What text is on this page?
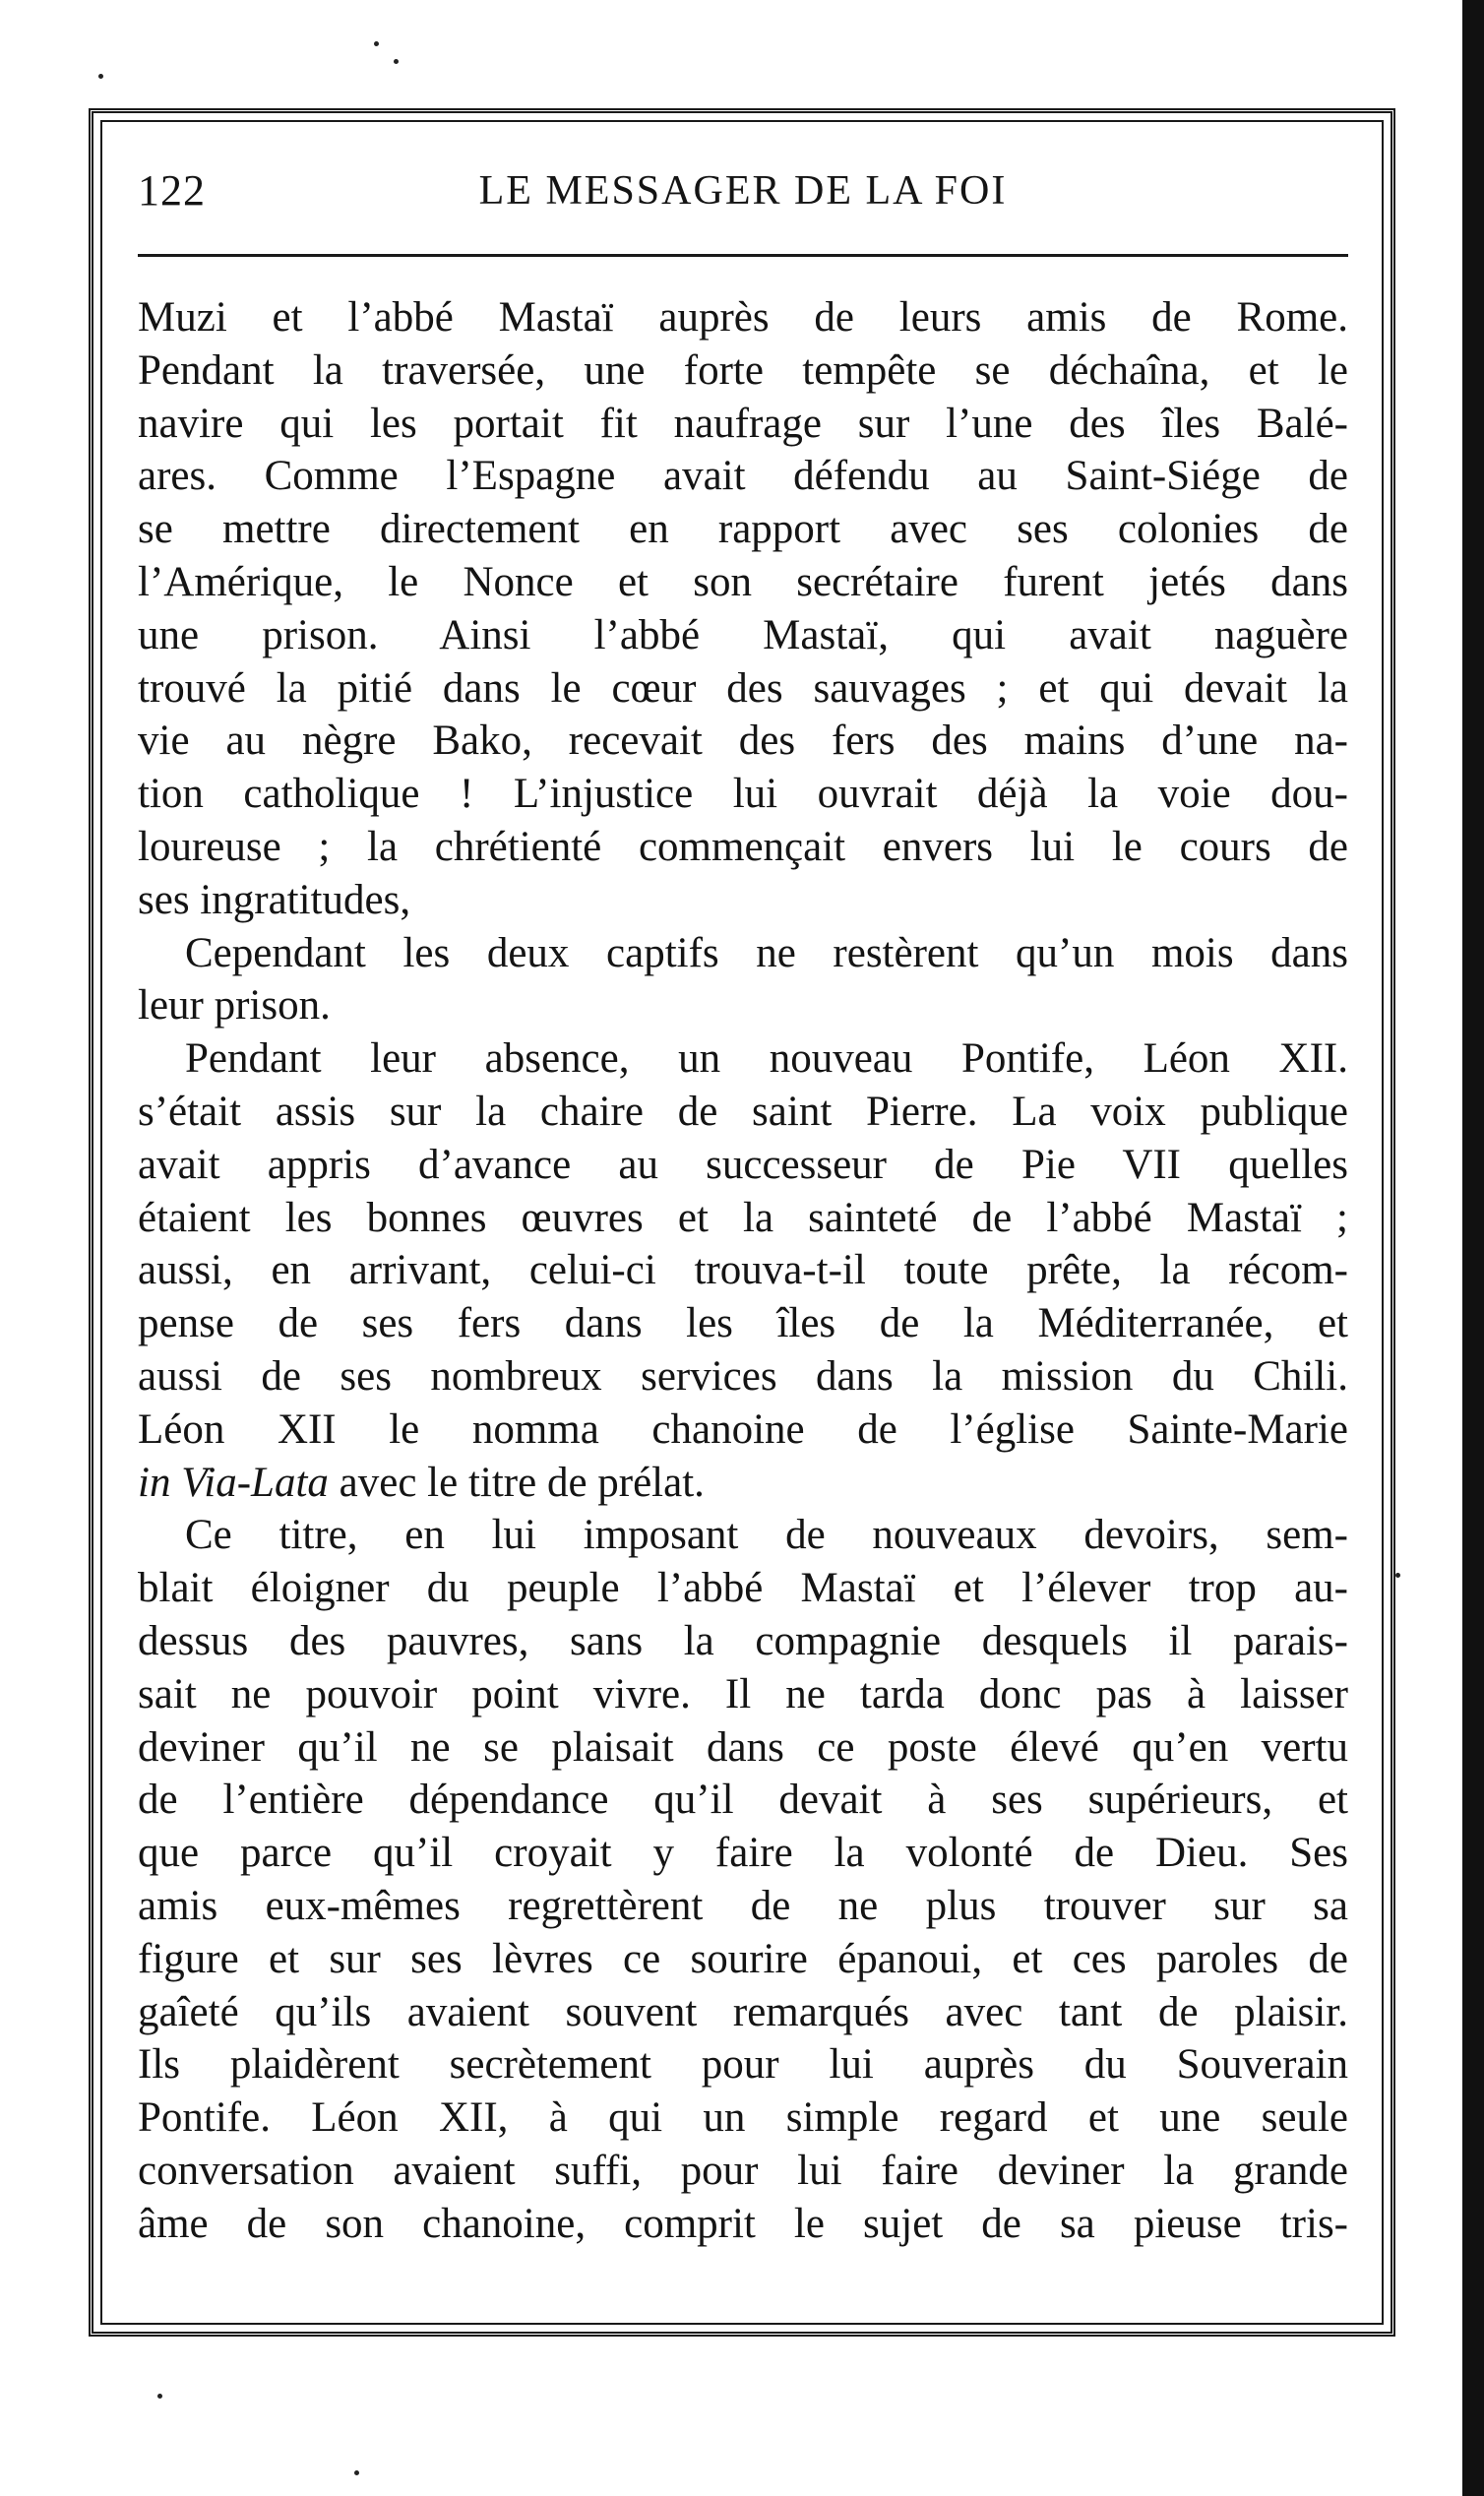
122	LE MESSAGER DE LA FOI
Muzi et l’abbé Mastaï auprès de leurs amis de Rome.
Pendant la traversée, une forte tempête se déchaîna, et le
navire qui les portait fit naufrage sur l’une des îles Balé-
ares. Comme l’Espagne avait défendu au Saint-Siége de
se mettre directement en rapport avec ses colonies de
l’Amérique, le Nonce et son secrétaire furent jetés dans
une prison. Ainsi l’abbé Mastaï, qui avait naguère
trouvé la pitié dans le cœur des sauvages ; et qui devait la
vie au nègre Bako, recevait des fers des mains d’une na-
tion catholique ! L’injustice lui ouvrait déjà la voie dou-
loureuse ; la chrétienté commençait envers lui le cours de
ses ingratitudes,
Cependant les deux captifs ne restèrent qu’un mois dans
leur prison.
Pendant leur absence, un nouveau Pontife, Léon XII.
s’était assis sur la chaire de saint Pierre. La voix publique
avait appris d’avance au successeur de Pie VII quelles
étaient les bonnes œuvres et la sainteté de l’abbé Mastaï ;
aussi, en arrivant, celui-ci trouva-t-il toute prête, la récom-
pense de ses fers dans les îles de la Méditerranée, et
aussi de ses nombreux services dans la mission du Chili.
Léon XII le nomma chanoine de l’église Sainte-Marie
in Via-Lata avec le titre de prélat.
Ce titre, en lui imposant de nouveaux devoirs, sem-
blait éloigner du peuple l’abbé Mastaï et l’élever trop au-
dessus des pauvres, sans la compagnie desquels il parais-
sait ne pouvoir point vivre. Il ne tarda donc pas à laisser
deviner qu’il ne se plaisait dans ce poste élevé qu’en vertu
de l’entière dépendance qu’il devait à ses supérieurs, et
que parce qu’il croyait y faire la volonté de Dieu. Ses
amis eux-mêmes regrettèrent de ne plus trouver sur sa
figure et sur ses lèvres ce sourire épanoui, et ces paroles de
gaîeté qu’ils avaient souvent remarqués avec tant de plaisir.
Ils plaidèrent secrètement pour lui auprès du Souverain
Pontife. Léon XII, à qui un simple regard et une seule
conversation avaient suffi, pour lui faire deviner la grande
âme de son chanoine, comprit le sujet de sa pieuse tris-
